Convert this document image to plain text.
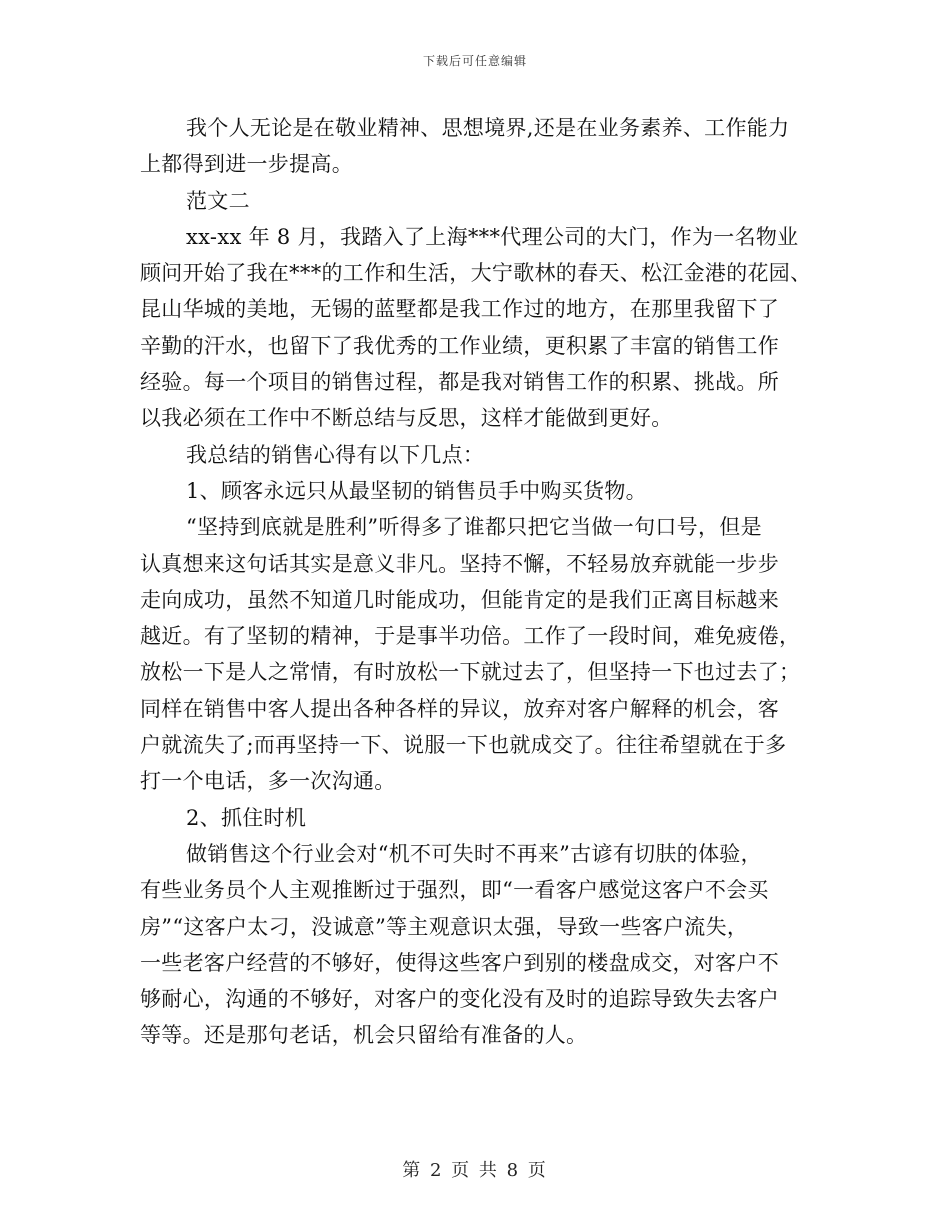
下载后可任意编辑
我个人无论是在敬业精神、思想境界,还是在业务素养、工作能力
上都得到进一步提高。
范文二
xx-xx 年 8 月，我踏入了上海***代理公司的大门，作为一名物业
顾问开始了我在***的工作和生活，大宁歌林的春天、松江金港的花园、
昆山华城的美地，无锡的蓝墅都是我工作过的地方，在那里我留下了
辛勤的汗水，也留下了我优秀的工作业绩，更积累了丰富的销售工作
经验。每一个项目的销售过程，都是我对销售工作的积累、挑战。所
以我必须在工作中不断总结与反思，这样才能做到更好。
我总结的销售心得有以下几点：
1、顾客永远只从最坚韧的销售员手中购买货物。
“坚持到底就是胜利”听得多了谁都只把它当做一句口号，但是
认真想来这句话其实是意义非凡。坚持不懈，不轻易放弃就能一步步
走向成功，虽然不知道几时能成功，但能肯定的是我们正离目标越来
越近。有了坚韧的精神，于是事半功倍。工作了一段时间，难免疲倦，
放松一下是人之常情，有时放松一下就过去了，但坚持一下也过去了；
同样在销售中客人提出各种各样的异议，放弃对客户解释的机会，客
户就流失了;而再坚持一下、说服一下也就成交了。往往希望就在于多
打一个电话，多一次沟通。
2、抓住时机
做销售这个行业会对“机不可失时不再来”古谚有切肤的体验，
有些业务员个人主观推断过于强烈，即“一看客户感觉这客户不会买
房”“这客户太刁，没诚意”等主观意识太强，导致一些客户流失，
一些老客户经营的不够好，使得这些客户到别的楼盘成交，对客户不
够耐心，沟通的不够好，对客户的变化没有及时的追踪导致失去客户
等等。还是那句老话，机会只留给有准备的人。
第 2 页 共 8 页
